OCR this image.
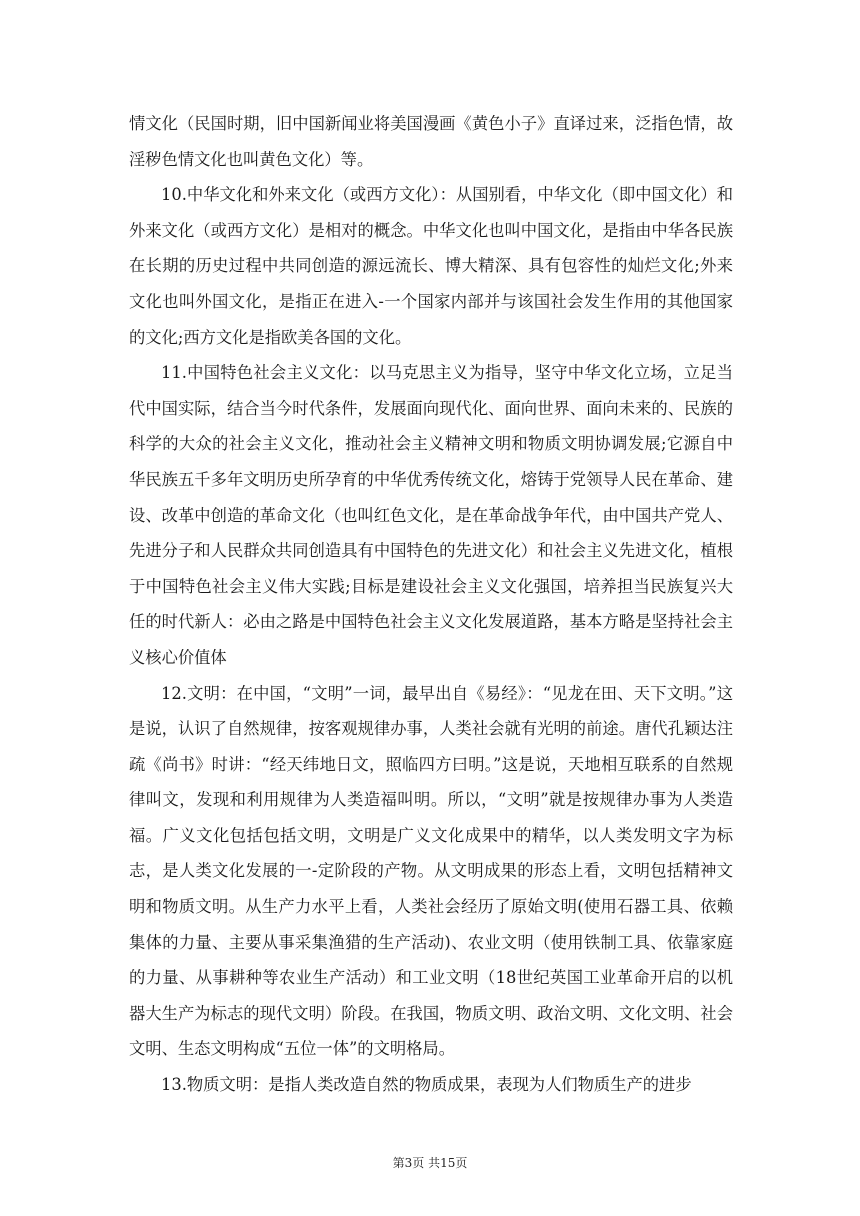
情文化（民国时期，旧中国新闻业将美国漫画《黄色小子》直译过来，泛指色情，故淫秽色情文化也叫黄色文化）等。

10.中华文化和外来文化（或西方文化）：从国别看，中华文化（即中国文化）和外来文化（或西方文化）是相对的概念。中华文化也叫中国文化，是指由中华各民族在长期的历史过程中共同创造的源远流长、博大精深、具有包容性的灿烂文化;外来文化也叫外国文化，是指正在进入-一个国家内部并与该国社会发生作用的其他国家的文化;西方文化是指欧美各国的文化。

11.中国特色社会主义文化：以马克思主义为指导，坚守中华文化立场，立足当代中国实际，结合当今时代条件，发展面向现代化、面向世界、面向未来的、民族的科学的大众的社会主义文化，推动社会主义精神文明和物质文明协调发展;它源自中华民族五千多年文明历史所孕育的中华优秀传统文化，熔铸于党领导人民在革命、建设、改革中创造的革命文化（也叫红色文化，是在革命战争年代，由中国共产党人、先进分子和人民群众共同创造具有中国特色的先进文化）和社会主义先进文化，植根于中国特色社会主义伟大实践;目标是建设社会主义文化强国，培养担当民族复兴大任的时代新人：必由之路是中国特色社会主义文化发展道路，基本方略是坚持社会主义核心价值体

12.文明：在中国，“文明”一词，最早出自《易经》：“见龙在田、天下文明。”这是说，认识了自然规律，按客观规律办事，人类社会就有光明的前途。唐代孔颖达注疏《尚书》时讲：“经天纬地日文，照临四方曰明。”这是说，天地相互联系的自然规律叫文，发现和利用规律为人类造福叫明。所以，“文明”就是按规律办事为人类造福。广义文化包括包括文明，文明是广义文化成果中的精华，以人类发明文字为标志，是人类文化发展的一-定阶段的产物。从文明成果的形态上看，文明包括精神文明和物质文明。从生产力水平上看，人类社会经历了原始文明(使用石器工具、依赖集体的力量、主要从事采集渔猎的生产活动)、农业文明（使用铁制工具、依靠家庭的力量、从事耕种等农业生产活动）和工业文明（18世纪英国工业革命开启的以机器大生产为标志的现代文明）阶段。在我国，物质文明、政治文明、文化文明、社会文明、生态文明构成“五位一体”的文明格局。

13.物质文明：是指人类改造自然的物质成果，表现为人们物质生产的进步

第3页 共15页
